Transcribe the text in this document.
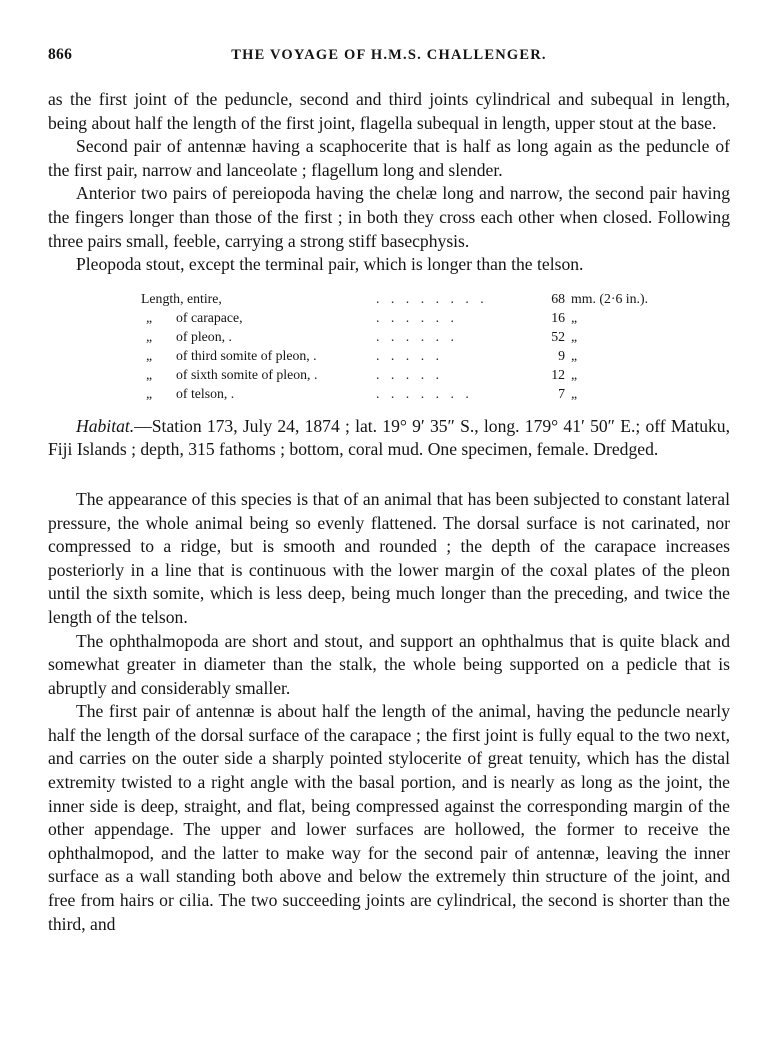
866	THE VOYAGE OF H.M.S. CHALLENGER.

as the first joint of the peduncle, second and third joints cylindrical and subequal in length, being about half the length of the first joint, flagella subequal in length, upper stout at the base.

Second pair of antennæ having a scaphocerite that is half as long again as the peduncle of the first pair, narrow and lanceolate ; flagellum long and slender.

Anterior two pairs of pereiopoda having the chelæ long and narrow, the second pair having the fingers longer than those of the first ; in both they cross each other when closed. Following three pairs small, feeble, carrying a strong stiff basecphysis.

Pleopoda stout, except the terminal pair, which is longer than the telson.

Length, entire,		. . . . . . . .	68	mm. (2·6 in.).
„	of carapace,	. . . . . .	16	„
„	of pleon, .	. . . . . .	52	„
„	of third somite of pleon, .	. . . . .	9	„
„	of sixth somite of pleon, .	. . . . .	12	„
„	of telson, .	. . . . . . .	7	„

Habitat.—Station 173, July 24, 1874 ; lat. 19° 9′ 35″ S., long. 179° 41′ 50″ E.; off Matuku, Fiji Islands ; depth, 315 fathoms ; bottom, coral mud. One specimen, female. Dredged.

The appearance of this species is that of an animal that has been subjected to constant lateral pressure, the whole animal being so evenly flattened. The dorsal surface is not carinated, nor compressed to a ridge, but is smooth and rounded ; the depth of the carapace increases posteriorly in a line that is continuous with the lower margin of the coxal plates of the pleon until the sixth somite, which is less deep, being much longer than the preceding, and twice the length of the telson.

The ophthalmopoda are short and stout, and support an ophthalmus that is quite black and somewhat greater in diameter than the stalk, the whole being supported on a pedicle that is abruptly and considerably smaller.

The first pair of antennæ is about half the length of the animal, having the peduncle nearly half the length of the dorsal surface of the carapace ; the first joint is fully equal to the two next, and carries on the outer side a sharply pointed stylocerite of great tenuity, which has the distal extremity twisted to a right angle with the basal portion, and is nearly as long as the joint, the inner side is deep, straight, and flat, being compressed against the corresponding margin of the other appendage. The upper and lower surfaces are hollowed, the former to receive the ophthalmopod, and the latter to make way for the second pair of antennæ, leaving the inner surface as a wall standing both above and below the extremely thin structure of the joint, and free from hairs or cilia. The two succeeding joints are cylindrical, the second is shorter than the third, and
